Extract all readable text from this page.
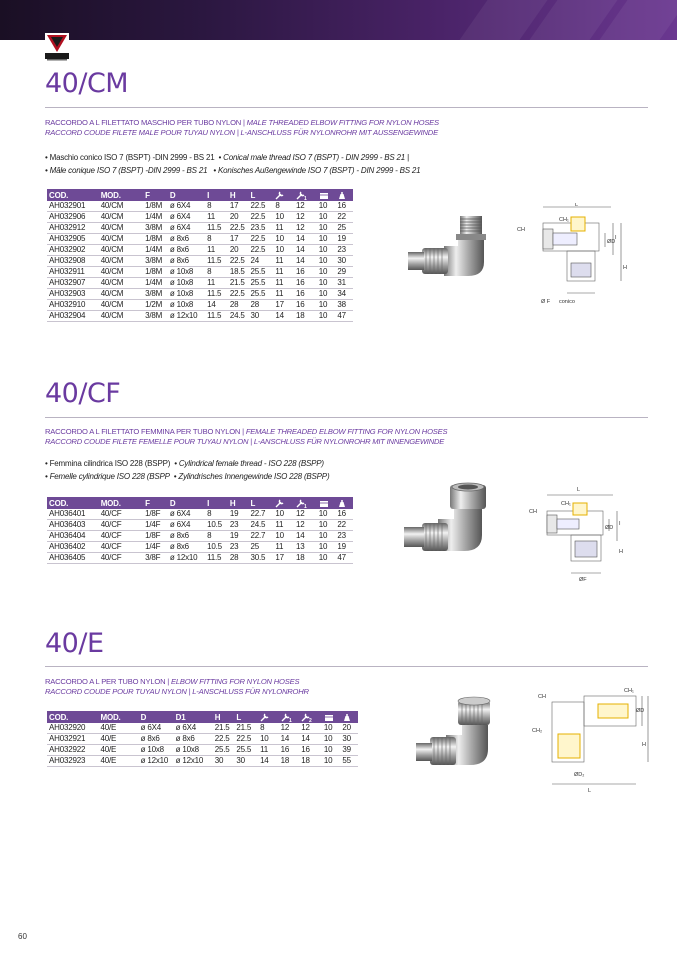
40/CM
RACCORDO A L FILETTATO MASCHIO PER TUBO NYLON | MALE THREADED ELBOW FITTING FOR NYLON HOSES
RACCORD COUDE FILETE MALE POUR TUYAU NYLON | L-ANSCHLUSS FÜR NYLONROHR MIT AUSSENGEWINDE
• Maschio conico ISO 7 (BSPT) -DIN 2999 - BS 21 • Conical male thread ISO 7 (BSPT) - DIN 2999 - BS 21 |
• Mâle conique ISO 7 (BSPT) -DIN 2999 - BS 21 • Konisches Außengewinde ISO 7 (BSPT) - DIN 2999 - BS 21
COD.	MOD.	F	D	I	H	L		1

AH032901	40/CM	1/8M	ø 6X4	8	17	22.5	8	12	10	16
AH032906	40/CM	1/4M	ø 6X4	11	20	22.5	10	12	10	22
AH032912	40/CM	3/8M	ø 6X4	11.5	22.5	23.5	11	12	10	25
AH032905	40/CM	1/8M	ø 8x6	8	17	22.5	10	14	10	19
AH032902	40/CM	1/4M	ø 8x6	11	20	22.5	10	14	10	23
AH032908	40/CM	3/8M	ø 8x6	11.5	22.5	24	11	14	10	30
AH032911	40/CM	1/8M	ø 10x8	8	18.5	25.5	11	16	10	29
AH032907	40/CM	1/4M	ø 10x8	11	21.5	25.5	11	16	10	31
AH032903	40/CM	3/8M	ø 10x8	11.5	22.5	25.5	11	16	10	34
AH032910	40/CM	1/2M	ø 10x8	14	28	28	17	16	10	38
AH032904	40/CM	3/8M	ø 12x10	11.5	24.5	30	14	18	10	47
L
CH₁
CH
ØD
I
H
Ø F conico
40/CF
RACCORDO A L FILETTATO FEMMINA PER TUBO NYLON | FEMALE THREADED ELBOW FITTING FOR NYLON HOSES
RACCORD COUDE FILETE FEMELLE POUR TUYAU NYLON | L-ANSCHLUSS FÜR NYLONROHR MIT INNENGEWINDE
• Femmina cilindrica ISO 228 (BSPP) • Cylindrical female thread - ISO 228 (BSPP)
• Femelle cylindrique ISO 228 (BSPP • Zylindrisches Innengewinde ISO 228 (BSPP)
COD.	MOD.	F	D	I	H	L		1

AH036401	40/CF	1/8F	ø 6X4	8	19	22.7	10	12	10	16
AH036403	40/CF	1/4F	ø 6X4	10.5	23	24.5	11	12	10	22
AH036404	40/CF	1/8F	ø 8x6	8	19	22.7	10	14	10	23
AH036402	40/CF	1/4F	ø 8x6	10.5	23	25	11	13	10	19
AH036405	40/CF	3/8F	ø 12x10	11.5	28	30.5	17	18	10	47
L
CH₁
CH
ØD
I
H
ØF
40/E
RACCORDO A L PER TUBO NYLON | ELBOW FITTING FOR NYLON HOSES
RACCORD COUDE POUR TUYAU NYLON | L-ANSCHLUSS FÜR NYLONROHR
COD.	MOD.	D	D1	H	L		1	2

AH032920	40/E	ø 6X4	ø 6X4	21.5	21.5	8	12	12	10	20
AH032921	40/E	ø 8x6	ø 8x6	22.5	22.5	10	14	14	10	30
AH032922	40/E	ø 10x8	ø 10x8	25.5	25.5	11	16	16	10	39
AH032923	40/E	ø 12x10	ø 12x10	30	30	14	18	18	10	55
CH
CH₁
CH₂
ØD
H
ØD₂
L
60
